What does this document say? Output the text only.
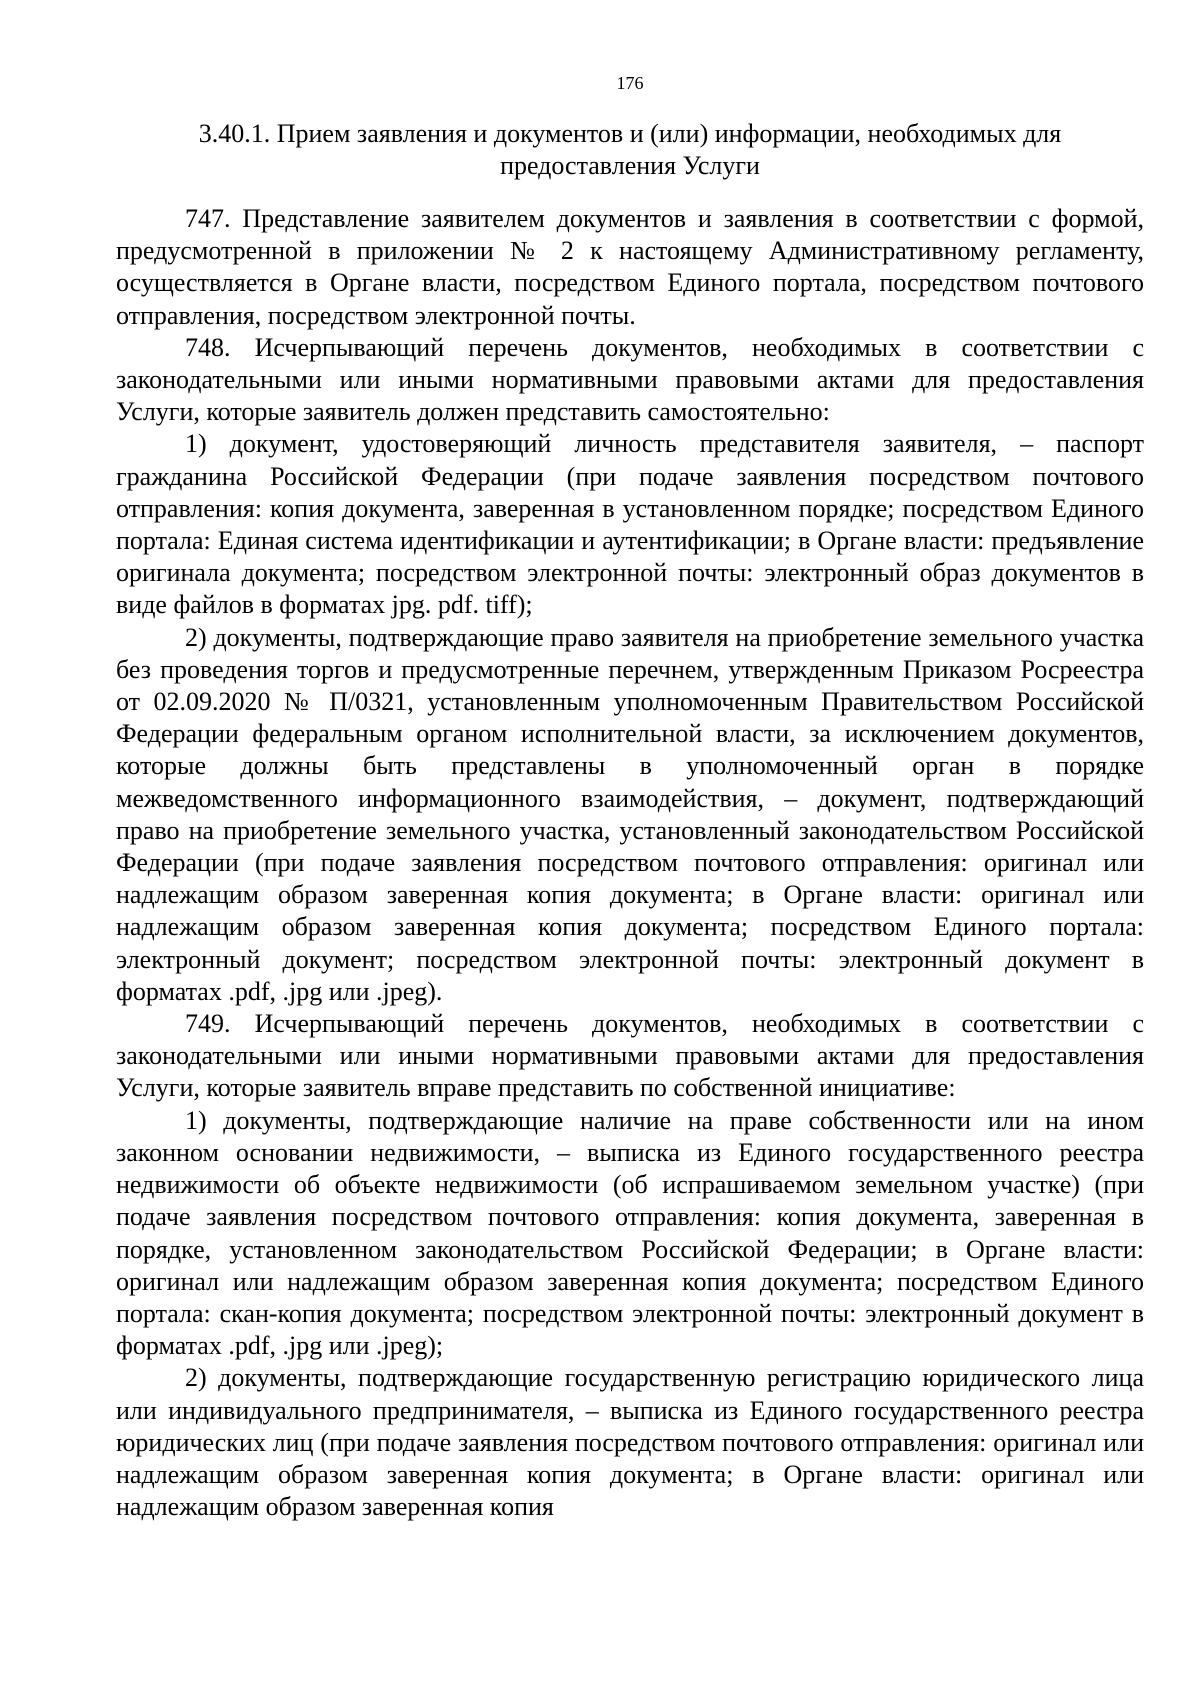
176
3.40.1. Прием заявления и документов и (или) информации, необходимых для
предоставления Услуги

747. Представление заявителем документов и заявления в соответствии с формой, предусмотренной в приложении № 2 к настоящему Административному регламенту, осуществляется в Органе власти, посредством Единого портала, посредством почтового отправления, посредством электронной почты.

748. Исчерпывающий перечень документов, необходимых в соответствии с законодательными или иными нормативными правовыми актами для предоставления Услуги, которые заявитель должен представить самостоятельно:

1) документ, удостоверяющий личность представителя заявителя, – паспорт гражданина Российской Федерации (при подаче заявления посредством почтового отправления: копия документа, заверенная в установленном порядке; посредством Единого портала: Единая система идентификации и аутентификации; в Органе власти: предъявление оригинала документа; посредством электронной почты: электронный образ документов в виде файлов в форматах jpg. pdf. tiff);

2) документы, подтверждающие право заявителя на приобретение земельного участка без проведения торгов и предусмотренные перечнем, утвержденным Приказом Росреестра от 02.09.2020 № П/0321, установленным уполномоченным Правительством Российской Федерации федеральным органом исполнительной власти, за исключением документов, которые должны быть представлены в уполномоченный орган в порядке межведомственного информационного взаимодействия, – документ, подтверждающий право на приобретение земельного участка, установленный законодательством Российской Федерации (при подаче заявления посредством почтового отправления: оригинал или надлежащим образом заверенная копия документа; в Органе власти: оригинал или надлежащим образом заверенная копия документа; посредством Единого портала: электронный документ; посредством электронной почты: электронный документ в форматах .pdf, .jpg или .jpeg).

749. Исчерпывающий перечень документов, необходимых в соответствии с законодательными или иными нормативными правовыми актами для предоставления Услуги, которые заявитель вправе представить по собственной инициативе:

1) документы, подтверждающие наличие на праве собственности или на ином законном основании недвижимости, – выписка из Единого государственного реестра недвижимости об объекте недвижимости (об испрашиваемом земельном участке) (при подаче заявления посредством почтового отправления: копия документа, заверенная в порядке, установленном законодательством Российской Федерации; в Органе власти: оригинал или надлежащим образом заверенная копия документа; посредством Единого портала: скан-копия документа; посредством электронной почты: электронный документ в форматах .pdf, .jpg или .jpeg);

2) документы, подтверждающие государственную регистрацию юридического лица или индивидуального предпринимателя, – выписка из Единого государственного реестра юридических лиц (при подаче заявления посредством почтового отправления: оригинал или надлежащим образом заверенная копия документа; в Органе власти: оригинал или надлежащим образом заверенная копия
